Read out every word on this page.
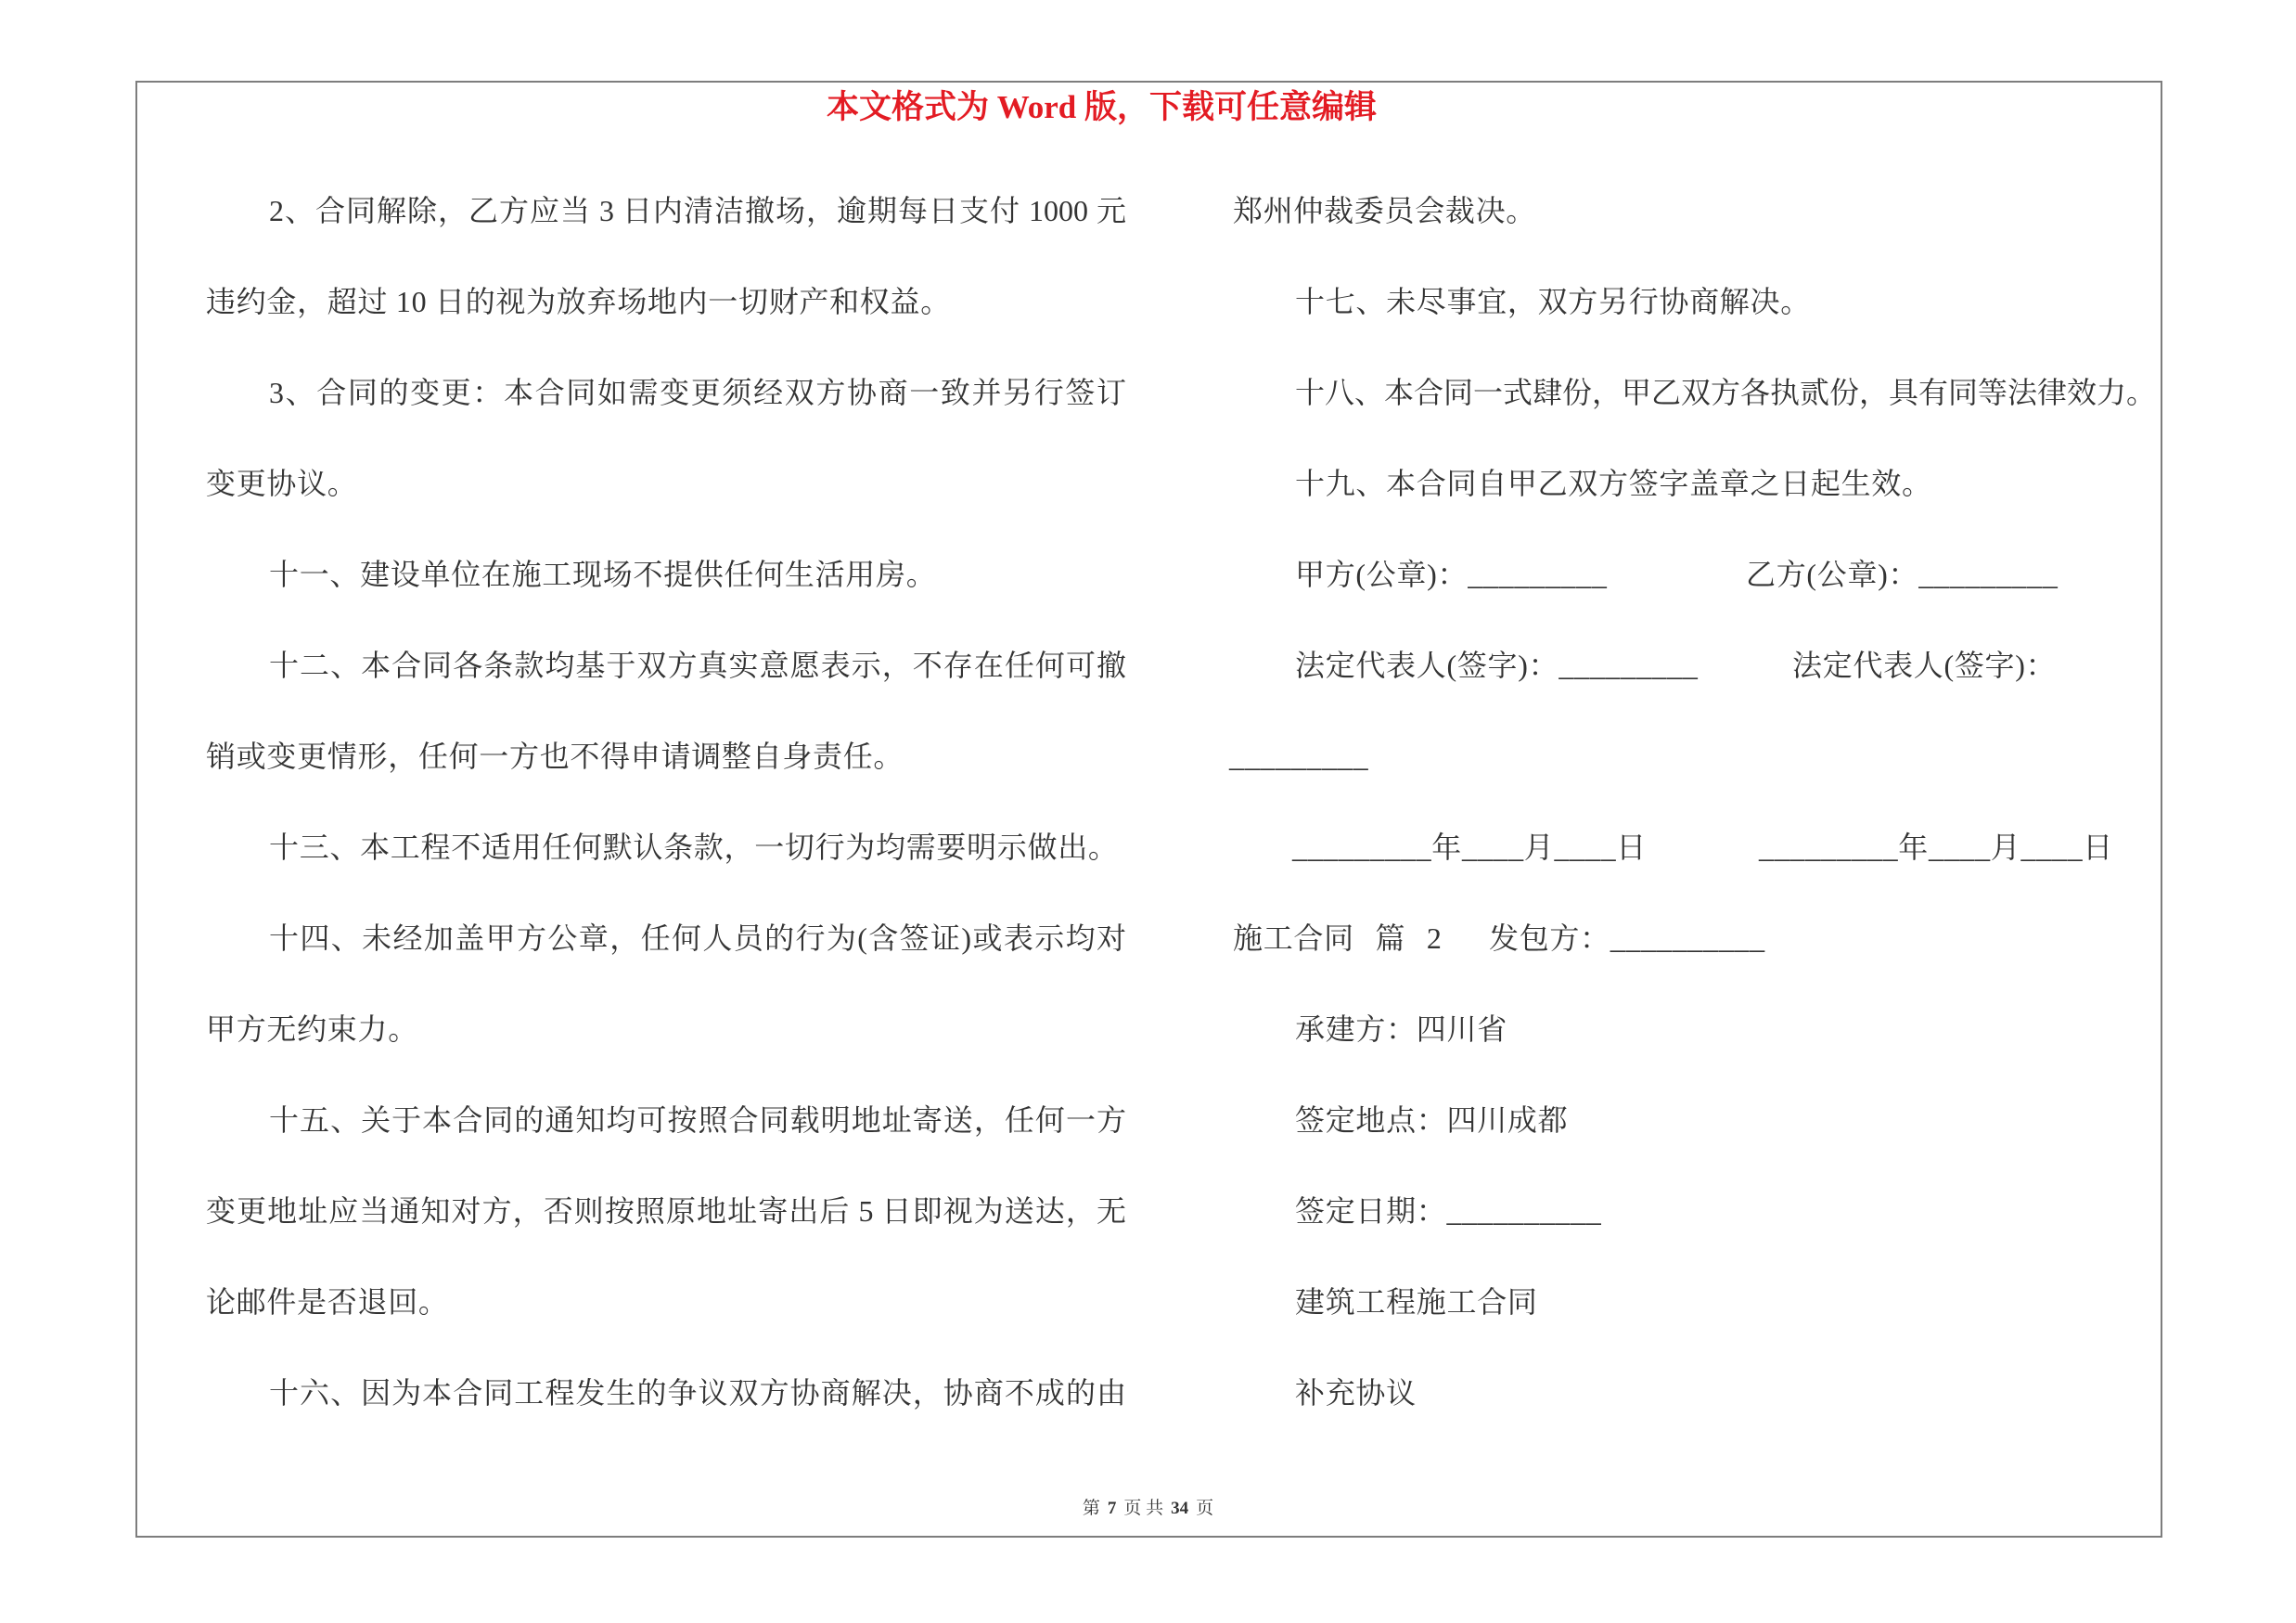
本文格式为 Word 版，下载可任意编辑
2、合同解除，乙方应当 3 日内清洁撤场，逾期每日支付 1000 元
违约金，超过 10 日的视为放弃场地内一切财产和权益。
3、合同的变更：本合同如需变更须经双方协商一致并另行签订
变更协议。
十一、建设单位在施工现场不提供任何生活用房。
十二、本合同各条款均基于双方真实意愿表示，不存在任何可撤
销或变更情形，任何一方也不得申请调整自身责任。
十三、本工程不适用任何默认条款，一切行为均需要明示做出。
十四、未经加盖甲方公章，任何人员的行为(含签证)或表示均对
甲方无约束力。
十五、关于本合同的通知均可按照合同载明地址寄送，任何一方
变更地址应当通知对方，否则按照原地址寄出后 5 日即视为送达，无
论邮件是否退回。
十六、因为本合同工程发生的争议双方协商解决，协商不成的由
郑州仲裁委员会裁决。
十七、未尽事宜，双方另行协商解决。
十八、本合同一式肆份，甲乙双方各执贰份，具有同等法律效力。
十九、本合同自甲乙双方签字盖章之日起生效。
甲方(公章)：_________	乙方(公章)：_________
法定代表人(签字)：_________	法定代表人(签字)：
_________
_________年____月____日	_________年____月____日
施工合同 篇 2 发包方：__________
承建方：四川省
签定地点：四川成都
签定日期：__________
建筑工程施工合同
补充协议
第 7 页 共 34 页
